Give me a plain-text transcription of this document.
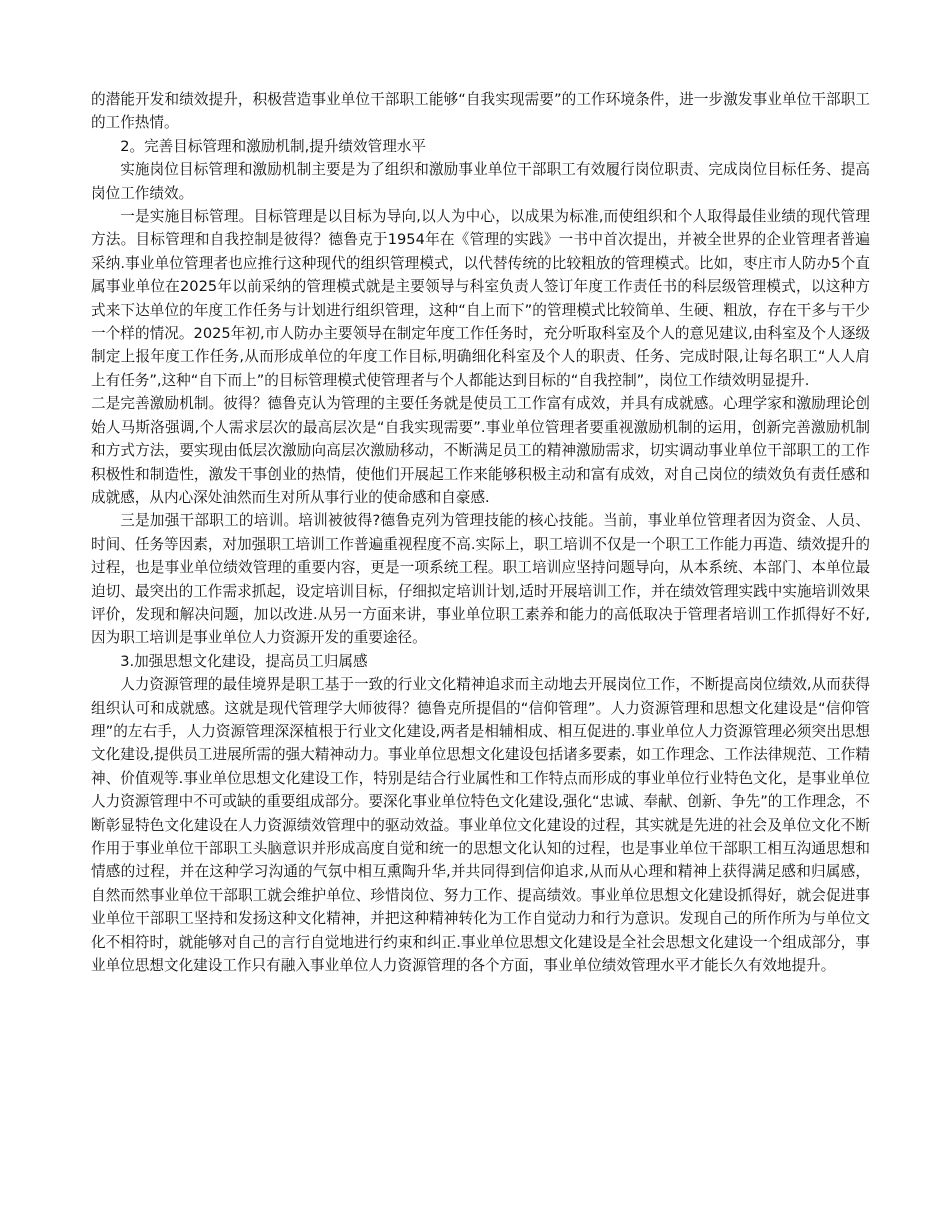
的潜能开发和绩效提升，积极营造事业单位干部职工能够“自我实现需要”的工作环境条件，进一步激发事业单位干部职工的工作热情。

2。完善目标管理和激励机制,提升绩效管理水平

实施岗位目标管理和激励机制主要是为了组织和激励事业单位干部职工有效履行岗位职责、完成岗位目标任务、提高岗位工作绩效。

一是实施目标管理。目标管理是以目标为导向,以人为中心，以成果为标准,而使组织和个人取得最佳业绩的现代管理方法。目标管理和自我控制是彼得？德鲁克于1954年在《管理的实践》一书中首次提出，并被全世界的企业管理者普遍采纳.事业单位管理者也应推行这种现代的组织管理模式，以代替传统的比较粗放的管理模式。比如，枣庄市人防办5个直属事业单位在2025年以前采纳的管理模式就是主要领导与科室负责人签订年度工作责任书的科层级管理模式，以这种方式来下达单位的年度工作任务与计划进行组织管理，这种“自上而下”的管理模式比较简单、生硬、粗放，存在干多与干少一个样的情况。2025年初,市人防办主要领导在制定年度工作任务时，充分听取科室及个人的意见建议,由科室及个人逐级制定上报年度工作任务,从而形成单位的年度工作目标,明确细化科室及个人的职责、任务、完成时限,让每名职工“人人肩上有任务”,这种“自下而上”的目标管理模式使管理者与个人都能达到目标的“自我控制”，岗位工作绩效明显提升.

二是完善激励机制。彼得？德鲁克认为管理的主要任务就是使员工工作富有成效，并具有成就感。心理学家和激励理论创始人马斯洛强调,个人需求层次的最高层次是“自我实现需要”.事业单位管理者要重视激励机制的运用，创新完善激励机制和方式方法，要实现由低层次激励向高层次激励移动，不断满足员工的精神激励需求，切实调动事业单位干部职工的工作积极性和制造性，激发干事创业的热情，使他们开展起工作来能够积极主动和富有成效，对自己岗位的绩效负有责任感和成就感，从内心深处油然而生对所从事行业的使命感和自豪感.

三是加强干部职工的培训。培训被彼得?德鲁克列为管理技能的核心技能。当前，事业单位管理者因为资金、人员、时间、任务等因素，对加强职工培训工作普遍重视程度不高.实际上，职工培训不仅是一个职工工作能力再造、绩效提升的过程，也是事业单位绩效管理的重要内容，更是一项系统工程。职工培训应坚持问题导向，从本系统、本部门、本单位最迫切、最突出的工作需求抓起，设定培训目标，仔细拟定培训计划,适时开展培训工作，并在绩效管理实践中实施培训效果评价，发现和解决问题，加以改进.从另一方面来讲，事业单位职工素养和能力的高低取决于管理者培训工作抓得好不好,因为职工培训是事业单位人力资源开发的重要途径。

3.加强思想文化建设，提高员工归属感

人力资源管理的最佳境界是职工基于一致的行业文化精神追求而主动地去开展岗位工作，不断提高岗位绩效,从而获得组织认可和成就感。这就是现代管理学大师彼得？德鲁克所提倡的“信仰管理”。人力资源管理和思想文化建设是“信仰管理”的左右手，人力资源管理深深植根于行业文化建设,两者是相辅相成、相互促进的.事业单位人力资源管理必须突出思想文化建设,提供员工进展所需的强大精神动力。事业单位思想文化建设包括诸多要素，如工作理念、工作法律规范、工作精神、价值观等.事业单位思想文化建设工作，特别是结合行业属性和工作特点而形成的事业单位行业特色文化，是事业单位人力资源管理中不可或缺的重要组成部分。要深化事业单位特色文化建设,强化“忠诚、奉献、创新、争先”的工作理念，不断彰显特色文化建设在人力资源绩效管理中的驱动效益。事业单位文化建设的过程，其实就是先进的社会及单位文化不断作用于事业单位干部职工头脑意识并形成高度自觉和统一的思想文化认知的过程，也是事业单位干部职工相互沟通思想和情感的过程，并在这种学习沟通的气氛中相互熏陶升华,并共同得到信仰追求,从而从心理和精神上获得满足感和归属感，自然而然事业单位干部职工就会维护单位、珍惜岗位、努力工作、提高绩效。事业单位思想文化建设抓得好，就会促进事业单位干部职工坚持和发扬这种文化精神，并把这种精神转化为工作自觉动力和行为意识。发现自己的所作所为与单位文化不相符时，就能够对自己的言行自觉地进行约束和纠正.事业单位思想文化建设是全社会思想文化建设一个组成部分，事业单位思想文化建设工作只有融入事业单位人力资源管理的各个方面，事业单位绩效管理水平才能长久有效地提升。
